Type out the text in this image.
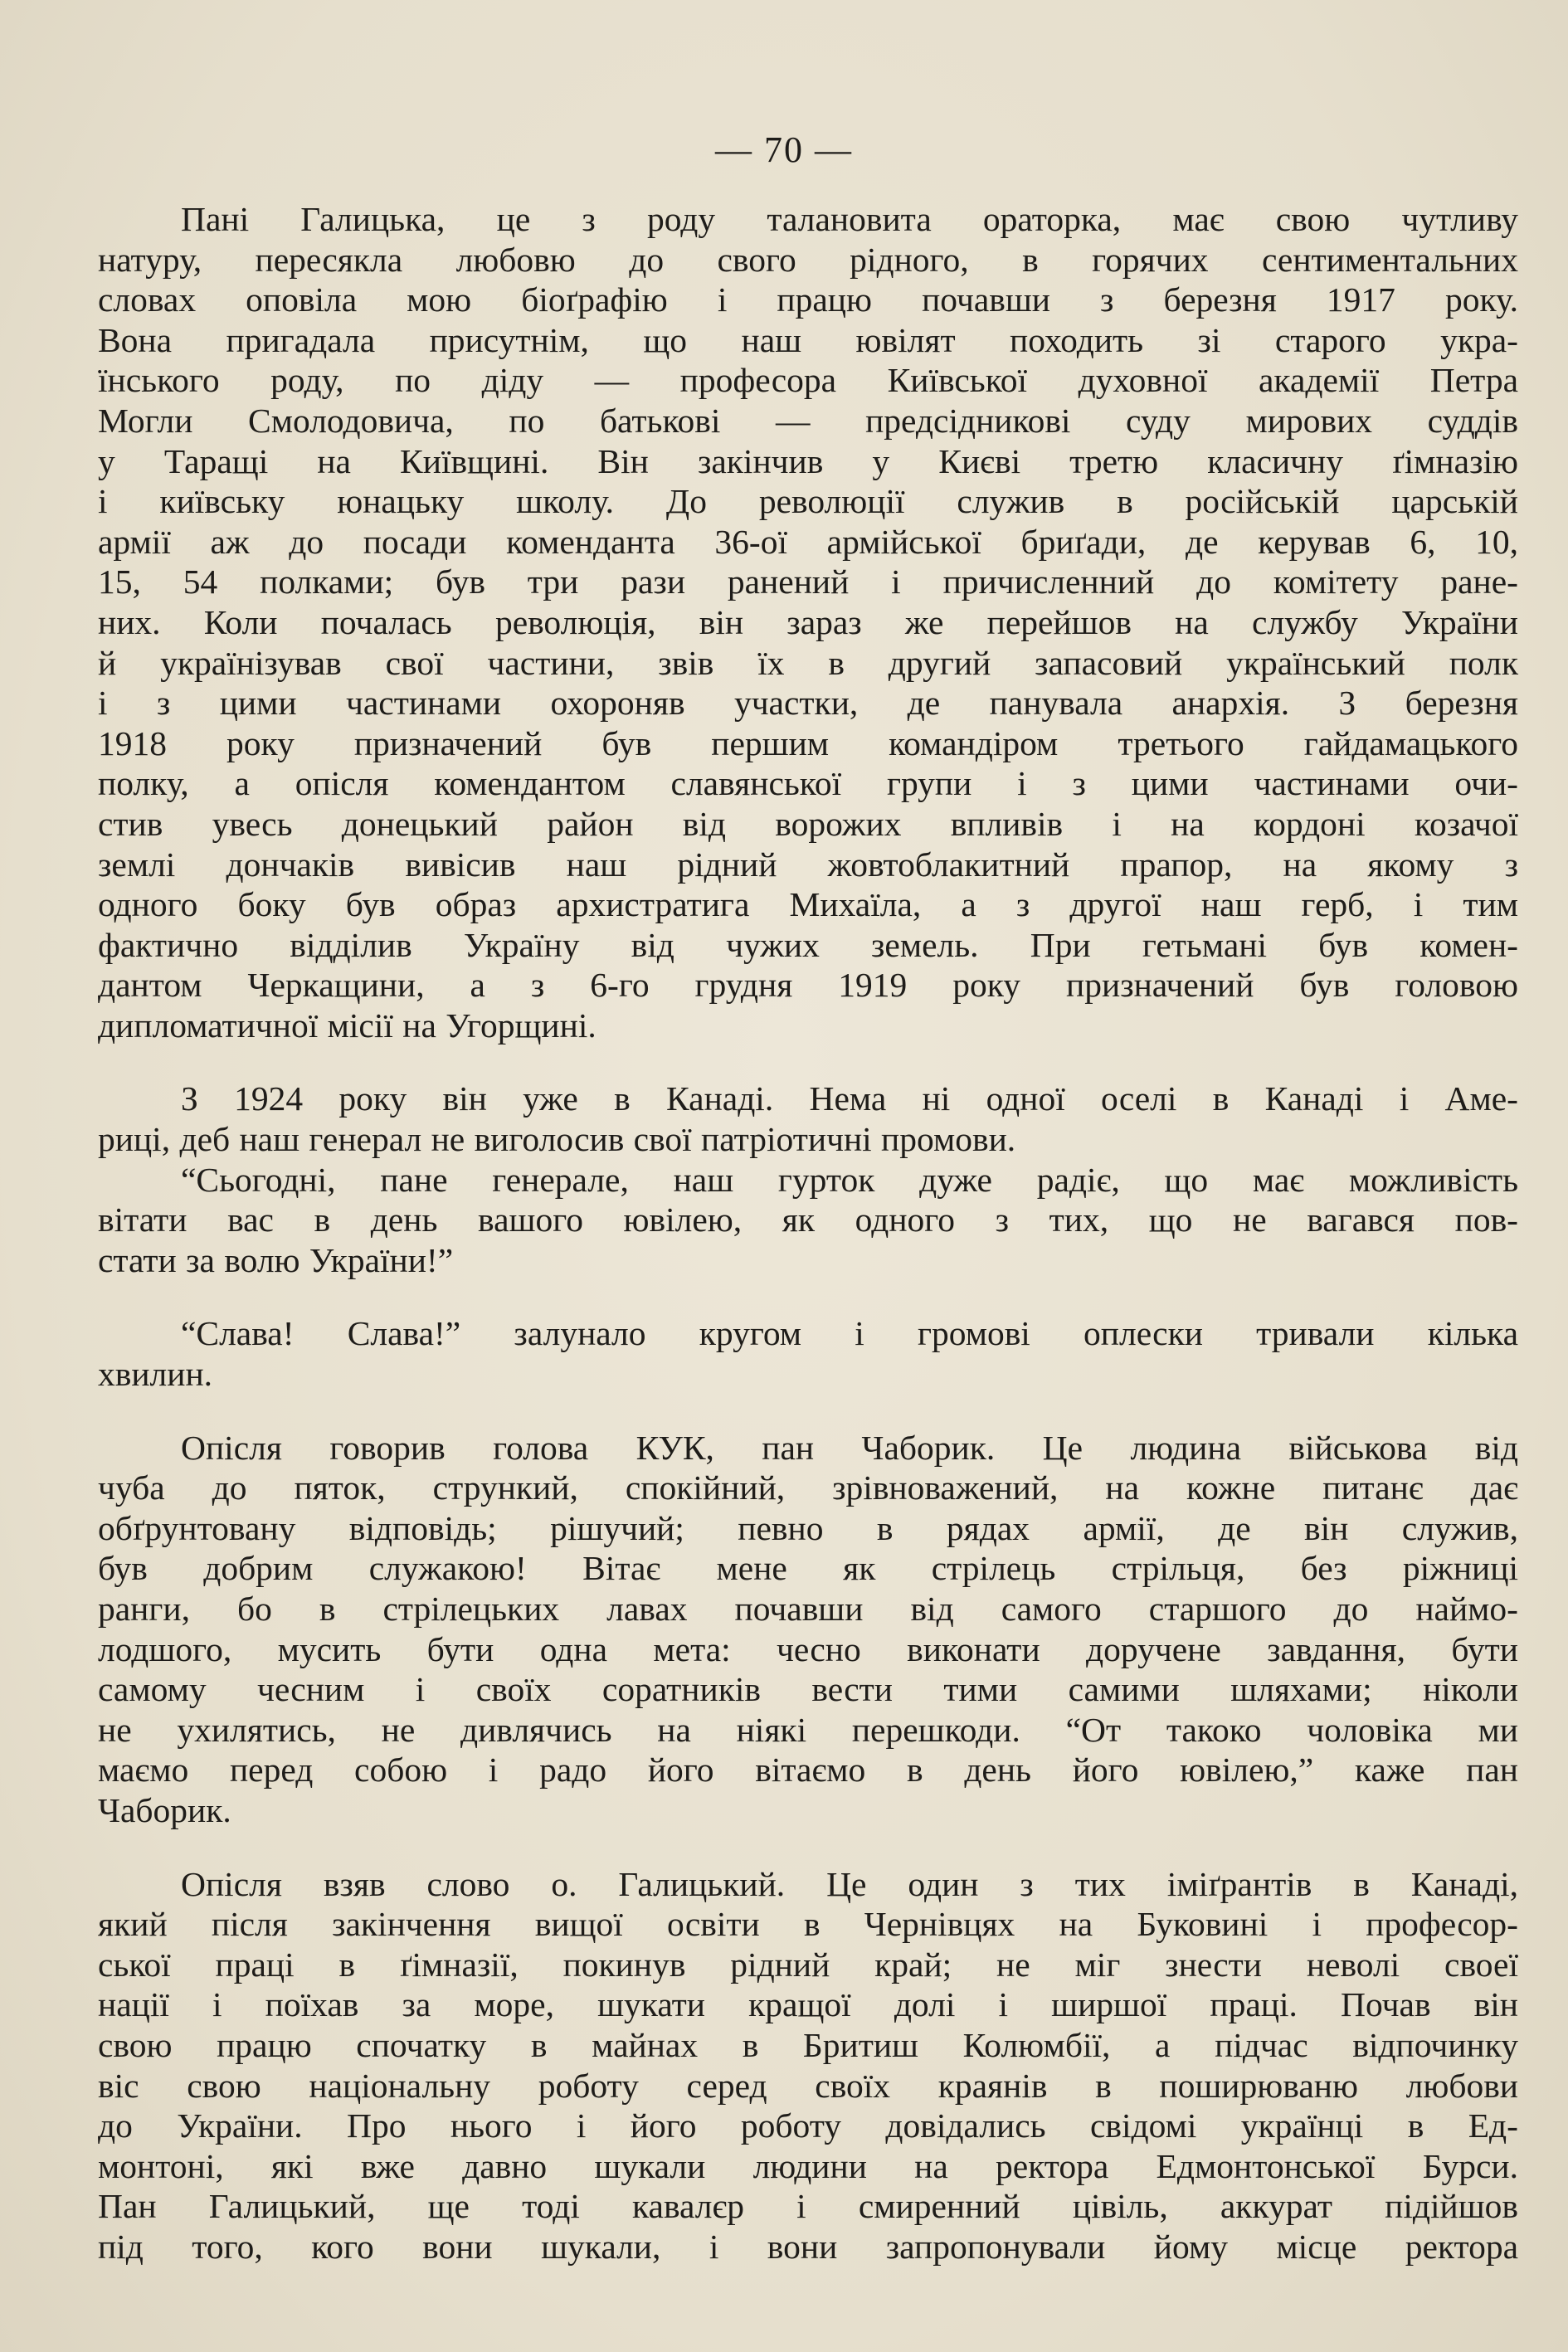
— 70 —
Пані Галицька, це з роду талановита ораторка, має свою чутливу
натуру, пересякла любовю до свого рідного, в горячих сентиментальних
словах оповіла мою біоґрафію і працю почавши з березня 1917 року.
Вона пригадала присутнім, що наш ювілят походить зі старого укра-
їнського роду, по діду — професора Київської духовної академії Петра
Могли Смолодовича, по батькові — предсідникові суду мирових суддів
у Таращі на Київщині. Він закінчив у Києві третю класичну ґімназію
і київську юнацьку школу. До революції служив в російській царській
армії аж до посади коменданта 36-ої армійської бриґади, де керував 6, 10,
15, 54 полками; був три рази ранений і причисленний до комітету ране-
них. Коли почалась революція, він зараз же перейшов на службу України
й українізував свої частини, звів їх в другий запасовий український полк
і з цими частинами охороняв участки, де панувала анархія. З березня
1918 року призначений був першим командіром третього гайдамацького
полку, а опісля комендантом славянської групи і з цими частинами очи-
стив увесь донецький район від ворожих впливів і на кордоні козачої
землі дончаків вивісив наш рідний жовтоблакитний прапор, на якому з
одного боку був образ архистратига Михаїла, а з другої наш герб, і тим
фактично відділив Україну від чужих земель. При гетьмані був комен-
дантом Черкащини, а з 6-го грудня 1919 року призначений був головою
дипломатичної місії на Угорщині.
З 1924 року він уже в Канаді. Нема ні одної оселі в Канаді і Аме-
риці, деб наш генерал не виголосив свої патріотичні промови.
“Сьогодні, пане генерале, наш гурток дуже радіє, що має можливість
вітати вас в день вашого ювілею, як одного з тих, що не вагався пов-
стати за волю України!”
“Слава! Слава!” залунало кругом і громові оплески тривали кілька
хвилин.
Опісля говорив голова КУК, пан Чаборик. Це людина військова від
чуба до пяток, стрункий, спокійний, зрівноважений, на кожне питанє дає
обґрунтовану відповідь; рішучий; певно в рядах армії, де він служив,
був добрим служакою! Вітає мене як стрілець стрільця, без ріжниці
ранги, бо в стрілецьких лавах почавши від самого старшого до наймо-
лодшого, мусить бути одна мета: чесно виконати доручене завдання, бути
самому чесним і своїх соратників вести тими самими шляхами; ніколи
не ухилятись, не дивлячись на ніякі перешкоди. “От такоко чоловіка ми
маємо перед собою і радо його вітаємо в день його ювілею,” каже пан
Чаборик.
Опісля взяв слово о. Галицький. Це один з тих іміґрантів в Канаді,
який після закінчення вищої освіти в Чернівцях на Буковині і професор-
ської праці в ґімназії, покинув рідний край; не міг знести неволі своеї
нації і поїхав за море, шукати кращої долі і ширшої праці. Почав він
свою працю спочатку в майнах в Бритиш Колюмбії, а підчас відпочинку
віс свою національну роботу серед своїх краянів в поширюваню любови
до України. Про нього і його роботу довідались свідомі українці в Ед-
монтоні, які вже давно шукали людини на ректора Едмонтонської Бурси.
Пан Галицький, ще тоді кавалєр і смиренний цівіль, аккурат підійшов
під того, кого вони шукали, і вони запропонували йому місце ректора
